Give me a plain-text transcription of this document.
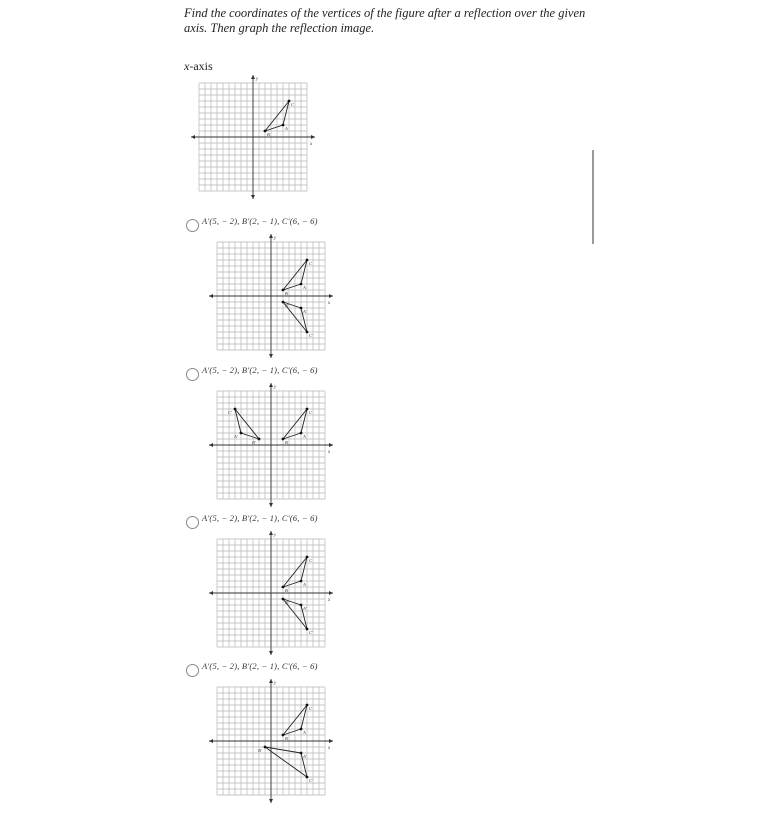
Find the coordinates of the vertices of the figure after a reflection over the given axis. Then graph the reflection image.

x-axis
x
y
A
B
C
A'(5, − 2), B'(2, − 1), C'(6, − 6)
x
y
A
B
C
A'
B'
C'
A'(5, − 2), B'(2, − 1), C'(6, − 6)
x
y
A
B
C
A'
B'
C'
A'(5, − 2), B'(2, − 1), C'(6, − 6)
x
y
A
B
C
A'
B'
C'
A'(5, − 2), B'(2, − 1), C'(6, − 6)
x
y
A
B
C
A'
B'
C'
